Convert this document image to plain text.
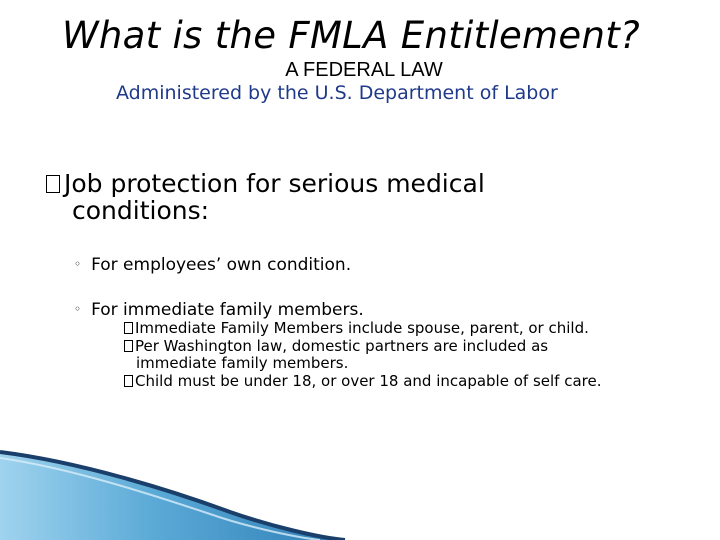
What is the FMLA Entitlement?
A FEDERAL LAW
Administered by the U.S. Department of Labor
Job protection for serious medical
conditions:
◦ For employees’ own condition.
◦ For immediate family members.
Immediate Family Members include spouse, parent, or child.
Per Washington law, domestic partners are included as
immediate family members.
Child must be under 18, or over 18 and incapable of self care.
